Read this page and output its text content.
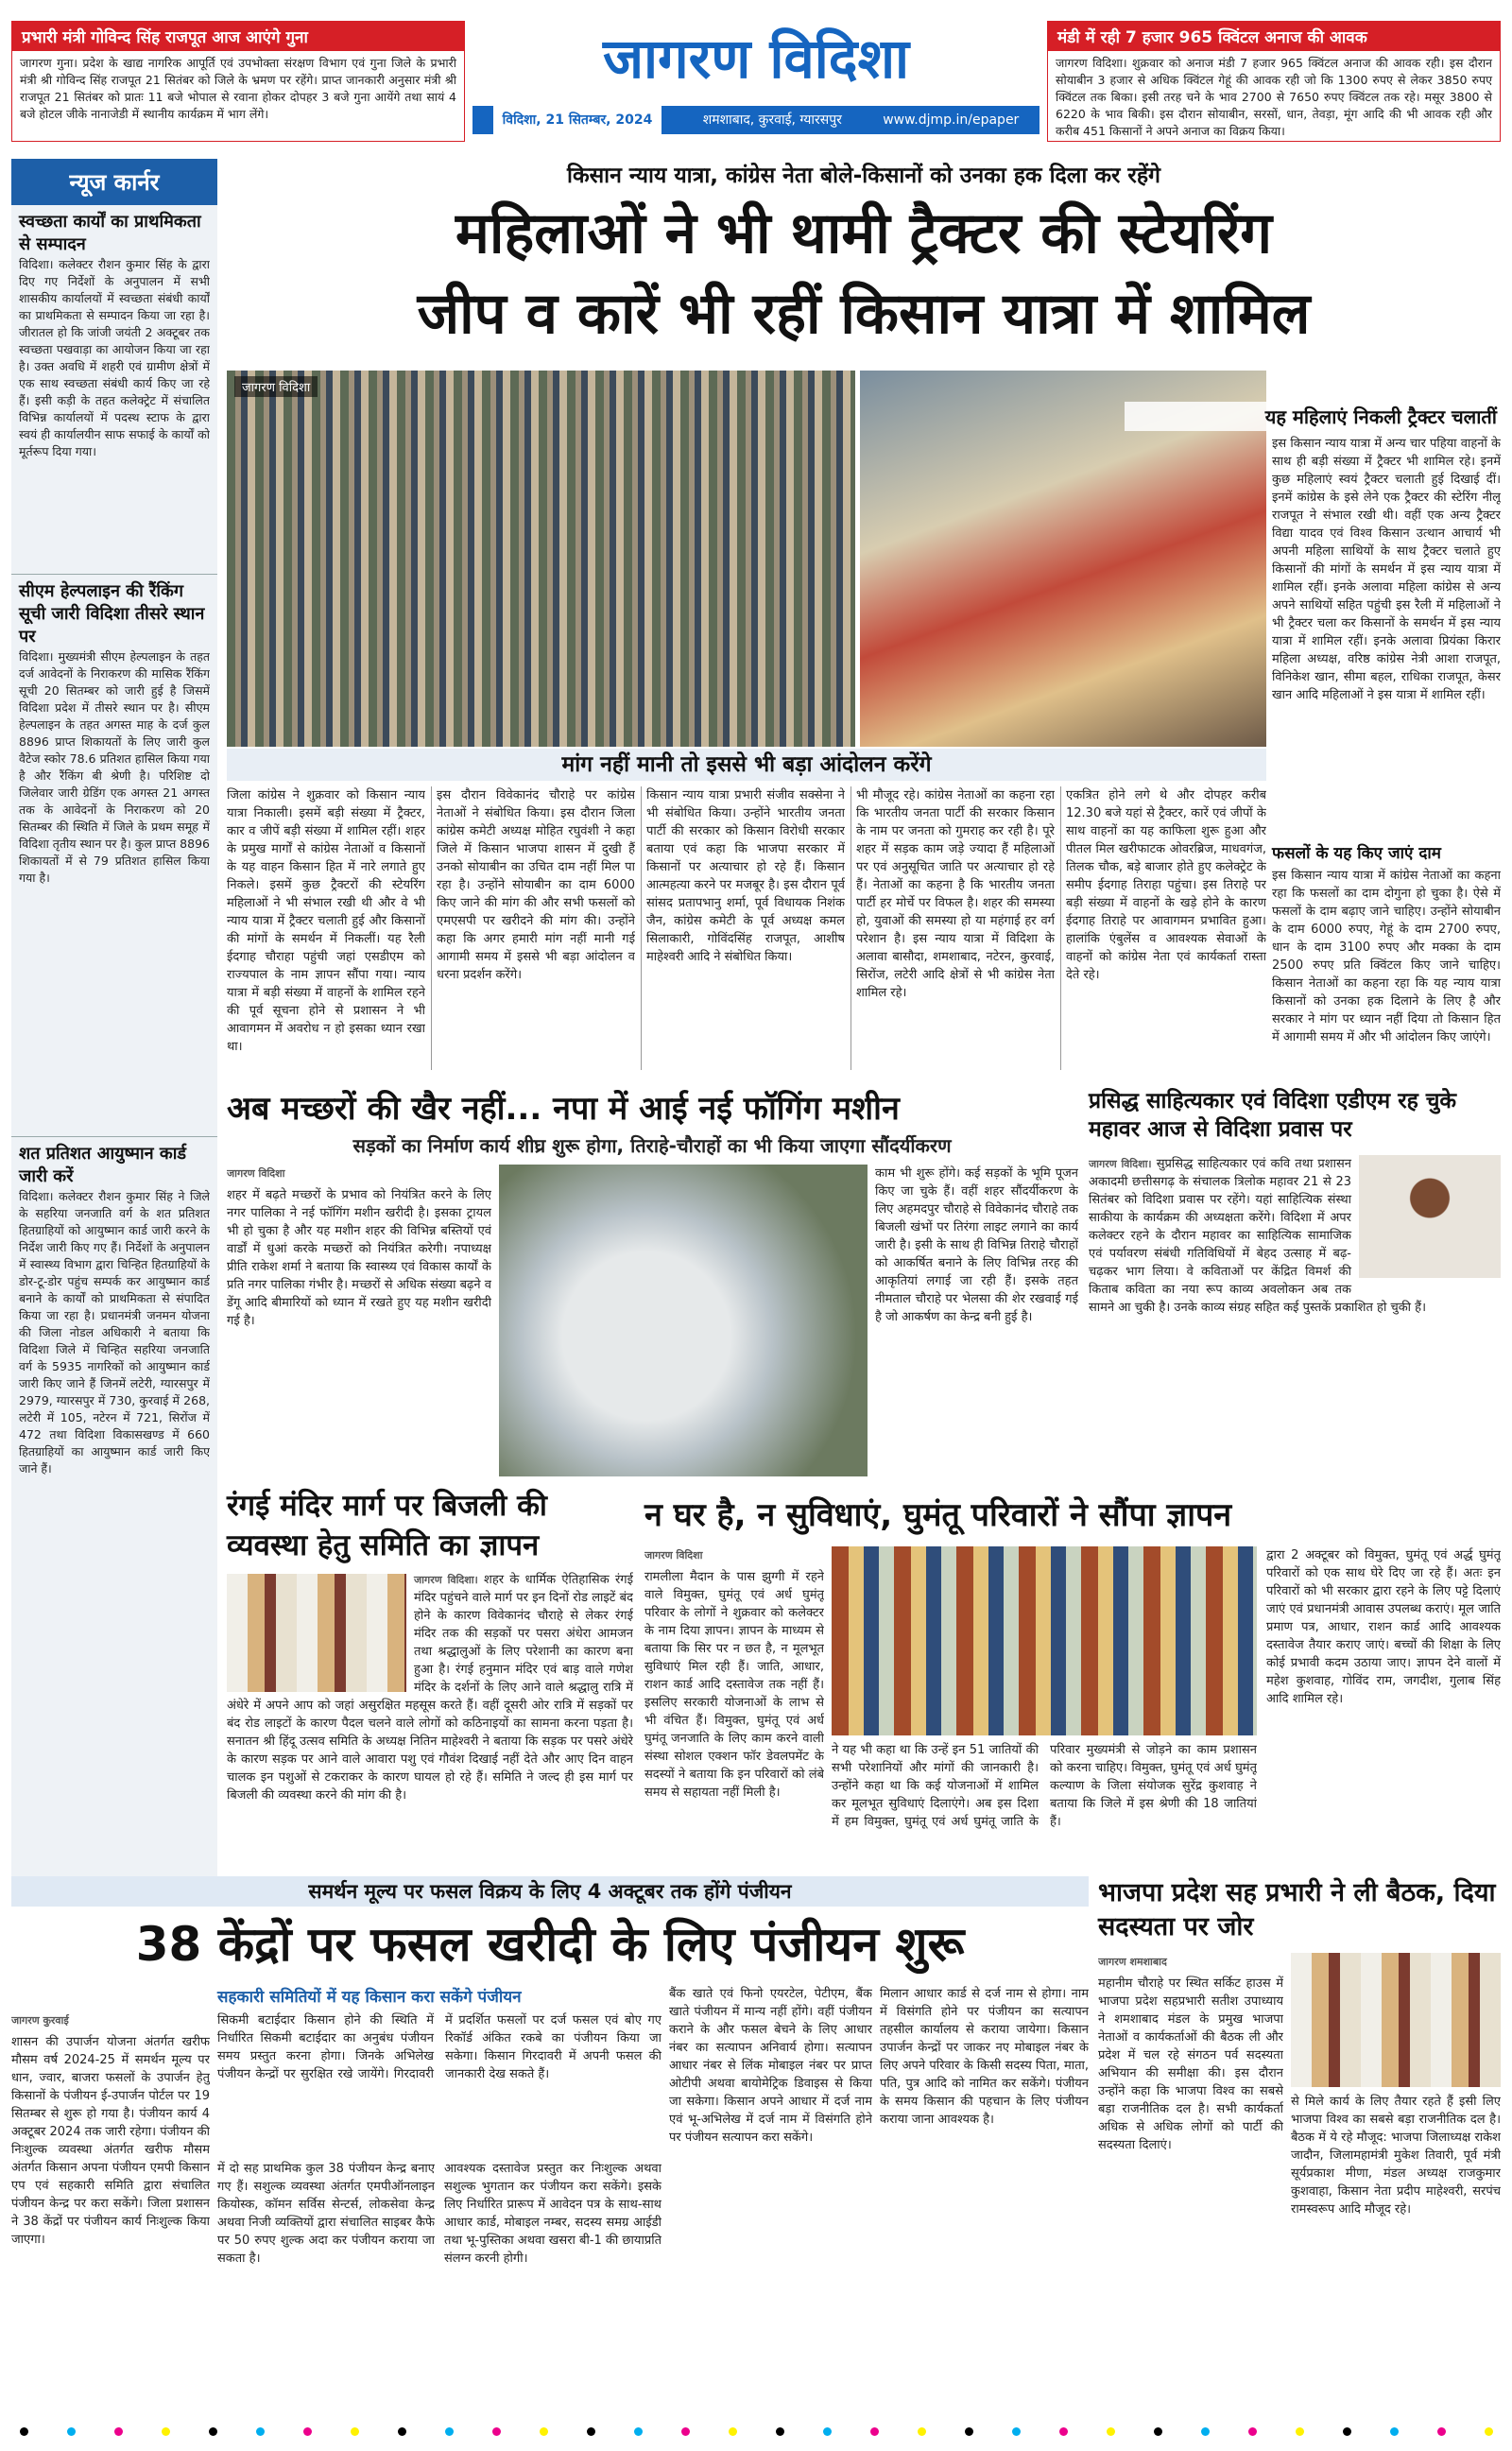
प्रभारी मंत्री गोविन्द सिंह राजपूत आज आएंगे गुना
जागरण गुना। प्रदेश के खाद्य नागरिक आपूर्ति एवं उपभोक्ता संरक्षण विभाग एवं गुना जिले के प्रभारी मंत्री श्री गोविन्द सिंह राजपूत 21 सितंबर को जिले के भ्रमण पर रहेंगे। प्राप्त जानकारी अनुसार मंत्री श्री राजपूत 21 सितंबर को प्रातः 11 बजे भोपाल से रवाना होकर दोपहर 3 बजे गुना आयेंगे तथा सायं 4 बजे होटल जीके नानाजेडी में स्थानीय कार्यक्रम में भाग लेंगे।
जागरण विदिशा
विदिशा, 21 सितम्बर, 2024	शमशाबाद, कुरवाई, ग्यारसपुर	www.djmp.in/epaper
मंडी में रही 7 हजार 965 क्विंटल अनाज की आवक
जागरण विदिशा। शुक्रवार को अनाज मंडी 7 हजार 965 क्विंटल अनाज की आवक रही। इस दौरान सोयाबीन 3 हजार से अधिक क्विंटल गेहूं की आवक रही जो कि 1300 रुपए से लेकर 3850 रुपए क्विंटल तक बिका। इसी तरह चने के भाव 2700 से 7650 रुपए क्विंटल तक रहे। मसूर 3800 से 6220 के भाव बिकी। इस दौरान सोयाबीन, सरसों, धान, तेवड़ा, मूंग आदि की भी आवक रही और करीब 451 किसानों ने अपने अनाज का विक्रय किया।
न्यूज कार्नर
स्वच्छता कार्यों का प्राथमिकता से सम्पादन
विदिशा। कलेक्टर रौशन कुमार सिंह के द्वारा दिए गए निर्देशों के अनुपालन में सभी शासकीय कार्यालयों में स्वच्छता संबंधी कार्यों का प्राथमिकता से सम्पादन किया जा रहा है। जीरातल हो कि जांजी जयंती 2 अक्टूबर तक स्वच्छता पखवाड़ा का आयोजन किया जा रहा है। उक्त अवधि में शहरी एवं ग्रामीण क्षेत्रों में एक साथ स्वच्छता संबंधी कार्य किए जा रहे हैं। इसी कड़ी के तहत कलेक्ट्रेट में संचालित विभिन्न कार्यालयों में पदस्थ स्टाफ के द्वारा स्वयं ही कार्यालयीन साफ सफाई के कार्यों को मूर्तरूप दिया गया।
सीएम हेल्पलाइन की रैंकिंग सूची जारी विदिशा तीसरे स्थान पर
विदिशा। मुख्यमंत्री सीएम हेल्पलाइन के तहत दर्ज आवेदनों के निराकरण की मासिक रैंकिंग सूची 20 सितम्बर को जारी हुई है जिसमें विदिशा प्रदेश में तीसरे स्थान पर है। सीएम हेल्पलाइन के तहत अगस्त माह के दर्ज कुल 8896 प्राप्त शिकायतों के लिए जारी कुल वैटेज स्कोर 78.6 प्रतिशत हासिल किया गया है और रैंकिंग बी श्रेणी है। परिशिष्ट दो जिलेवार जारी ग्रेडिंग एक अगस्त 21 अगस्त तक के आवेदनों के निराकरण को 20 सितम्बर की स्थिति में जिले के प्रथम समूह में विदिशा तृतीय स्थान पर है। कुल प्राप्त 8896 शिकायतों में से 79 प्रतिशत हासिल किया गया है।
शत प्रतिशत आयुष्मान कार्ड जारी करें
विदिशा। कलेक्टर रौशन कुमार सिंह ने जिले के सहरिया जनजाति वर्ग के शत प्रतिशत हितग्राहियों को आयुष्मान कार्ड जारी करने के निर्देश जारी किए गए हैं। निर्देशों के अनुपालन में स्वास्थ्य विभाग द्वारा चिन्हित हितग्राहियों के डोर-टू-डोर पहुंच सम्पर्क कर आयुष्मान कार्ड बनाने के कार्यों को प्राथमिकता से संपादित किया जा रहा है। प्रधानमंत्री जनमन योजना की जिला नोडल अधिकारी ने बताया कि विदिशा जिले में चिन्हित सहरिया जनजाति वर्ग के 5935 नागरिकों को आयुष्मान कार्ड जारी किए जाने हैं जिनमें लटेरी, ग्यारसपुर में 2979, ग्यारसपुर में 730, कुरवाई में 268, लटेरी में 105, नटेरन में 721, सिरोंज में 472 तथा विदिशा विकासखण्ड में 660 हितग्राहियों का आयुष्मान कार्ड जारी किए जाने हैं।
किसान न्याय यात्रा, कांग्रेस नेता बोले-किसानों को उनका हक दिला कर रहेंगे
महिलाओं ने भी थामी ट्रैक्टर की स्टेयरिंग
जीप व कारें भी रहीं किसान यात्रा में शामिल
जागरण विदिशा
यह महिलाएं निकली ट्रैक्टर चलातीं
इस किसान न्याय यात्रा में अन्य चार पहिया वाहनों के साथ ही बड़ी संख्या में ट्रैक्टर भी शामिल रहे। इनमें कुछ महिलाएं स्वयं ट्रैक्टर चलाती हुई दिखाई दीं। इनमें कांग्रेस के इसे लेने एक ट्रैक्टर की स्टेरिंग नीलू राजपूत ने संभाल रखी थी। वहीं एक अन्य ट्रैक्टर विद्या यादव एवं विश्व किसान उत्थान आचार्य भी अपनी महिला साथियों के साथ ट्रैक्टर चलाते हुए किसानों की मांगों के समर्थन में इस न्याय यात्रा में शामिल रहीं। इनके अलावा महिला कांग्रेस से अन्य अपने साथियों सहित पहुंची इस रैली में महिलाओं ने भी ट्रैक्टर चला कर किसानों के समर्थन में इस न्याय यात्रा में शामिल रहीं। इनके अलावा प्रियंका किरार महिला अध्यक्ष, वरिष्ठ कांग्रेस नेत्री आशा राजपूत, विनिकेश खान, सीमा बहल, राधिका राजपूत, केसर खान आदि महिलाओं ने इस यात्रा में शामिल रहीं।
मांग नहीं मानी तो इससे भी बड़ा आंदोलन करेंगे
जिला कांग्रेस ने शुक्रवार को किसान न्याय यात्रा निकाली। इसमें बड़ी संख्या में ट्रैक्टर, कार व जीपें बड़ी संख्या में शामिल रहीं। शहर के प्रमुख मार्गों से कांग्रेस नेताओं व किसानों के यह वाहन किसान हित में नारे लगाते हुए निकले। इसमें कुछ ट्रैक्टरों की स्टेयरिंग महिलाओं ने भी संभाल रखी थी और वे भी न्याय यात्रा में ट्रैक्टर चलाती हुई और किसानों की मांगों के समर्थन में निकलीं। यह रैली ईदगाह चौराहा पहुंची जहां एसडीएम को राज्यपाल के नाम ज्ञापन सौंपा गया। न्याय यात्रा में बड़ी संख्या में वाहनों के शामिल रहने की पूर्व सूचना होने से प्रशासन ने भी आवागमन में अवरोध न हो इसका ध्यान रखा था।
इस दौरान विवेकानंद चौराहे पर कांग्रेस नेताओं ने संबोधित किया। इस दौरान जिला कांग्रेस कमेटी अध्यक्ष मोहित रघुवंशी ने कहा जिले में किसान भाजपा शासन में दुखी हैं उनको सोयाबीन का उचित दाम नहीं मिल पा रहा है। उन्होंने सोयाबीन का दाम 6000 किए जाने की मांग की और सभी फसलों को एमएसपी पर खरीदने की मांग की। उन्होंने कहा कि अगर हमारी मांग नहीं मानी गई आगामी समय में इससे भी बड़ा आंदोलन व धरना प्रदर्शन करेंगे।
किसान न्याय यात्रा प्रभारी संजीव सक्सेना ने भी संबोधित किया। उन्होंने भारतीय जनता पार्टी की सरकार को किसान विरोधी सरकार बताया एवं कहा कि भाजपा सरकार में किसानों पर अत्याचार हो रहे हैं। किसान आत्महत्या करने पर मजबूर है। इस दौरान पूर्व सांसद प्रतापभानु शर्मा, पूर्व विधायक निशंक जैन, कांग्रेस कमेटी के पूर्व अध्यक्ष कमल सिलाकारी, गोविंदसिंह राजपूत, आशीष माहेश्वरी आदि ने संबोधित किया।
भी मौजूद रहे। कांग्रेस नेताओं का कहना रहा कि भारतीय जनता पार्टी की सरकार किसान के नाम पर जनता को गुमराह कर रही है। पूरे शहर में सड़क काम जड़े ज्यादा हैं महिलाओं पर एवं अनुसूचित जाति पर अत्याचार हो रहे हैं। नेताओं का कहना है कि भारतीय जनता पार्टी हर मोर्चे पर विफल है। शहर की समस्या हो, युवाओं की समस्या हो या महंगाई हर वर्ग परेशान है। इस न्याय यात्रा में विदिशा के अलावा बासौदा, शमशाबाद, नटेरन, कुरवाई, सिरोंज, लटेरी आदि क्षेत्रों से भी कांग्रेस नेता शामिल रहे।
एकत्रित होने लगे थे और दोपहर करीब 12.30 बजे यहां से ट्रैक्टर, कारें एवं जीपों के साथ वाहनों का यह काफिला शुरू हुआ और पीतल मिल खरीफाटक ओवरब्रिज, माधवगंज, तिलक चौक, बड़े बाजार होते हुए कलेक्ट्रेट के समीप ईदगाह तिराहा पहुंचा। इस तिराहे पर बड़ी संख्या में वाहनों के खड़े होने के कारण ईदगाह तिराहे पर आवागमन प्रभावित हुआ। हालांकि एंबुलेंस व आवश्यक सेवाओं के वाहनों को कांग्रेस नेता एवं कार्यकर्ता रास्ता देते रहे।
फसलों के यह किए जाएं दाम
इस किसान न्याय यात्रा में कांग्रेस नेताओं का कहना रहा कि फसलों का दाम दोगुना हो चुका है। ऐसे में फसलों के दाम बढ़ाए जाने चाहिए। उन्होंने सोयाबीन के दाम 6000 रुपए, गेहूं के दाम 2700 रुपए, धान के दाम 3100 रुपए और मक्का के दाम 2500 रुपए प्रति क्विंटल किए जाने चाहिए। किसान नेताओं का कहना रहा कि यह न्याय यात्रा किसानों को उनका हक दिलाने के लिए है और सरकार ने मांग पर ध्यान नहीं दिया तो किसान हित में आगामी समय में और भी आंदोलन किए जाएंगे।
अब मच्छरों की खैर नहीं... नपा में आई नई फॉगिंग मशीन
सड़कों का निर्माण कार्य शीघ्र शुरू होगा, तिराहे-चौराहों का भी किया जाएगा सौंदर्यीकरण
जागरण विदिशा
शहर में बढ़ते मच्छरों के प्रभाव को नियंत्रित करने के लिए नगर पालिका ने नई फॉगिंग मशीन खरीदी है। इसका ट्रायल भी हो चुका है और यह मशीन शहर की विभिन्न बस्तियों एवं वार्डों में धुआं करके मच्छरों को नियंत्रित करेगी। नपाध्यक्ष प्रीति राकेश शर्मा ने बताया कि स्वास्थ्य एवं विकास कार्यों के प्रति नगर पालिका गंभीर है। मच्छरों से अधिक संख्या बढ़ने व डेंगू आदि बीमारियों को ध्यान में रखते हुए यह मशीन खरीदी गई है।
काम भी शुरू होंगे। कई सड़कों के भूमि पूजन किए जा चुके हैं। वहीं शहर सौंदर्यीकरण के लिए अहमदपुर चौराहे से विवेकानंद चौराहे तक बिजली खंभों पर तिरंगा लाइट लगाने का कार्य जारी है। इसी के साथ ही विभिन्न तिराहे चौराहों को आकर्षित बनाने के लिए विभिन्न तरह की आकृतियां लगाई जा रही हैं। इसके तहत नीमताल चौराहे पर भेलसा की शेर रखवाई गई है जो आकर्षण का केन्द्र बनी हुई है।
प्रसिद्ध साहित्यकार एवं विदिशा एडीएम रह चुके महावर आज से विदिशा प्रवास पर
जागरण विदिशा। सुप्रसिद्ध साहित्यकार एवं कवि तथा प्रशासन अकादमी छत्तीसगढ़ के संचालक त्रिलोक महावर 21 से 23 सितंबर को विदिशा प्रवास पर रहेंगे। यहां साहित्यिक संस्था साकीया के कार्यक्रम की अध्यक्षता करेंगे। विदिशा में अपर कलेक्टर रहने के दौरान महावर का साहित्यिक सामाजिक एवं पर्यावरण संबंधी गतिविधियों में बेहद उत्साह में बढ़-चढ़कर भाग लिया। वे कविताओं पर केंद्रित विमर्श की किताब कविता का नया रूप काव्य अवलोकन अब तक सामने आ चुकी है। उनके काव्य संग्रह सहित कई पुस्तकें प्रकाशित हो चुकी हैं।
रंगई मंदिर मार्ग पर बिजली की व्यवस्था हेतु समिति का ज्ञापन
जागरण विदिशा। शहर के धार्मिक ऐतिहासिक रंगई मंदिर पहुंचने वाले मार्ग पर इन दिनों रोड लाइटें बंद होने के कारण विवेकानंद चौराहे से लेकर रंगई मंदिर तक की सड़कों पर पसरा अंधेरा आमजन तथा श्रद्धालुओं के लिए परेशानी का कारण बना हुआ है। रंगई हनुमान मंदिर एवं बाड़ वाले गणेश मंदिर के दर्शनों के लिए आने वाले श्रद्धालु रात्रि में अंधेरे में अपने आप को जहां असुरक्षित महसूस करते हैं। वहीं दूसरी ओर रात्रि में सड़कों पर बंद रोड लाइटों के कारण पैदल चलने वाले लोगों को कठिनाइयों का सामना करना पड़ता है। सनातन श्री हिंदू उत्सव समिति के अध्यक्ष नितिन माहेश्वरी ने बताया कि सड़क पर पसरे अंधेरे के कारण सड़क पर आने वाले आवारा पशु एवं गौवंश दिखाई नहीं देते और आए दिन वाहन चालक इन पशुओं से टकराकर के कारण घायल हो रहे हैं। समिति ने जल्द ही इस मार्ग पर बिजली की व्यवस्था करने की मांग की है।
न घर है, न सुविधाएं, घुमंतू परिवारों ने सौंपा ज्ञापन
जागरण विदिशा
रामलीला मैदान के पास झुग्गी में रहने वाले विमुक्त, घुमंतू एवं अर्ध घुमंतू परिवार के लोगों ने शुक्रवार को कलेक्टर के नाम दिया ज्ञापन। ज्ञापन के माध्यम से बताया कि सिर पर न छत है, न मूलभूत सुविधाएं मिल रही हैं। जाति, आधार, राशन कार्ड आदि दस्तावेज तक नहीं हैं। इसलिए सरकारी योजनाओं के लाभ से भी वंचित हैं। विमुक्त, घुमंतू एवं अर्ध घुमंतू जनजाति के लिए काम करने वाली संस्था सोशल एक्शन फॉर डेवलपमेंट के सदस्यों ने बताया कि इन परिवारों को लंबे समय से सहायता नहीं मिली है।
ने यह भी कहा था कि उन्हें इन 51 जातियों की सभी परेशानियों और मांगों की जानकारी है। उन्होंने कहा था कि कई योजनाओं में शामिल कर मूलभूत सुविधाएं दिलाएंगे। अब इस दिशा में हम विमुक्त, घुमंतू एवं अर्ध घुमंतू जाति के परिवार मुख्यमंत्री से जोड़ने का काम प्रशासन को करना चाहिए। विमुक्त, घुमंतू एवं अर्ध घुमंतू कल्याण के जिला संयोजक सुरेंद्र कुशवाह ने बताया कि जिले में इस श्रेणी की 18 जातियां हैं।
द्वारा 2 अक्टूबर को विमुक्त, घुमंतू एवं अर्द्ध घुमंतू परिवारों को एक साथ घेरे दिए जा रहे हैं। अतः इन परिवारों को भी सरकार द्वारा रहने के लिए पट्टे दिलाएं जाएं एवं प्रधानमंत्री आवास उपलब्ध कराएं। मूल जाति प्रमाण पत्र, आधार, राशन कार्ड आदि आवश्यक दस्तावेज तैयार कराए जाएं। बच्चों की शिक्षा के लिए कोई प्रभावी कदम उठाया जाए। ज्ञापन देने वालों में महेश कुशवाह, गोविंद राम, जगदीश, गुलाब सिंह आदि शामिल रहे।
समर्थन मूल्य पर फसल विक्रय के लिए 4 अक्टूबर तक होंगे पंजीयन
38 केंद्रों पर फसल खरीदी के लिए पंजीयन शुरू
सहकारी समितियों में यह किसान करा सकेंगे पंजीयन
जागरण कुरवाई
शासन की उपार्जन योजना अंतर्गत खरीफ मौसम वर्ष 2024-25 में समर्थन मूल्य पर धान, ज्वार, बाजरा फसलों के उपार्जन हेतु किसानों के पंजीयन ई-उपार्जन पोर्टल पर 19 सितम्बर से शुरू हो गया है। पंजीयन कार्य 4 अक्टूबर 2024 तक जारी रहेगा। पंजीयन की निःशुल्क व्यवस्था अंतर्गत खरीफ मौसम अंतर्गत किसान अपना पंजीयन एमपी किसान एप एवं सहकारी समिति द्वारा संचालित पंजीयन केन्द्र पर करा सकेंगे। जिला प्रशासन ने 38 केंद्रों पर पंजीयन कार्य निःशुल्क किया जाएगा।
सिकमी बटाईदार किसान होने की स्थिति में निर्धारित सिकमी बटाईदार का अनुबंध पंजीयन समय प्रस्तुत करना होगा। जिनके अभिलेख पंजीयन केन्द्रों पर सुरक्षित रखे जायेंगे। गिरदावरी में प्रदर्शित फसलों पर दर्ज फसल एवं बोए गए रिकॉर्ड अंकित रकबे का पंजीयन किया जा सकेगा। किसान गिरदावरी में अपनी फसल की जानकारी देख सकते हैं।
में दो सह प्राथमिक कुल 38 पंजीयन केन्द्र बनाए गए हैं। सशुल्क व्यवस्था अंतर्गत एमपीऑनलाइन कियोस्क, कॉमन सर्विस सेन्टर्स, लोकसेवा केन्द्र अथवा निजी व्यक्तियों द्वारा संचालित साइबर कैफे पर 50 रुपए शुल्क अदा कर पंजीयन कराया जा सकता है।
आवश्यक दस्तावेज प्रस्तुत कर निःशुल्क अथवा सशुल्क भुगतान कर पंजीयन करा सकेंगे। इसके लिए निर्धारित प्रारूप में आवेदन पत्र के साथ-साथ आधार कार्ड, मोबाइल नम्बर, सदस्य समग्र आईडी तथा भू-पुस्तिका अथवा खसरा बी-1 की छायाप्रति संलग्न करनी होगी।
बैंक खाते एवं फिनो एयरटेल, पेटीएम, बैंक खाते पंजीयन में मान्य नहीं होंगे। वहीं पंजीयन कराने के और फसल बेचने के लिए आधार नंबर का सत्यापन अनिवार्य होगा। सत्यापन आधार नंबर से लिंक मोबाइल नंबर पर प्राप्त ओटीपी अथवा बायोमेट्रिक डिवाइस से किया जा सकेगा। किसान अपने आधार में दर्ज नाम एवं भू-अभिलेख में दर्ज नाम में विसंगति होने पर पंजीयन सत्यापन करा सकेंगे।
मिलान आधार कार्ड से दर्ज नाम से होगा। नाम में विसंगति होने पर पंजीयन का सत्यापन तहसील कार्यालय से कराया जायेगा। किसान उपार्जन केन्द्रों पर जाकर नए मोबाइल नंबर के लिए अपने परिवार के किसी सदस्य पिता, माता, पति, पुत्र आदि को नामित कर सकेंगे। पंजीयन के समय किसान की पहचान के लिए पंजीयन कराया जाना आवश्यक है।
भाजपा प्रदेश सह प्रभारी ने ली बैठक, दिया सदस्यता पर जोर
जागरण शमशाबाद
महानीम चौराहे पर स्थित सर्किट हाउस में भाजपा प्रदेश सहप्रभारी सतीश उपाध्याय ने शमशाबाद मंडल के प्रमुख भाजपा नेताओं व कार्यकर्ताओं की बैठक ली और प्रदेश में चल रहे संगठन पर्व सदस्यता अभियान की समीक्षा की। इस दौरान उन्होंने कहा कि भाजपा विश्व का सबसे बड़ा राजनीतिक दल है। सभी कार्यकर्ता अधिक से अधिक लोगों को पार्टी की सदस्यता दिलाएं।
से मिले कार्य के लिए तैयार रहते हैं इसी लिए भाजपा विश्व का सबसे बड़ा राजनीतिक दल है। बैठक में ये रहे मौजूद: भाजपा जिलाध्यक्ष राकेश जादौन, जिलामहामंत्री मुकेश तिवारी, पूर्व मंत्री सूर्यप्रकाश मीणा, मंडल अध्यक्ष राजकुमार कुशवाहा, किसान नेता प्रदीप माहेश्वरी, सरपंच रामस्वरूप आदि मौजूद रहे।
